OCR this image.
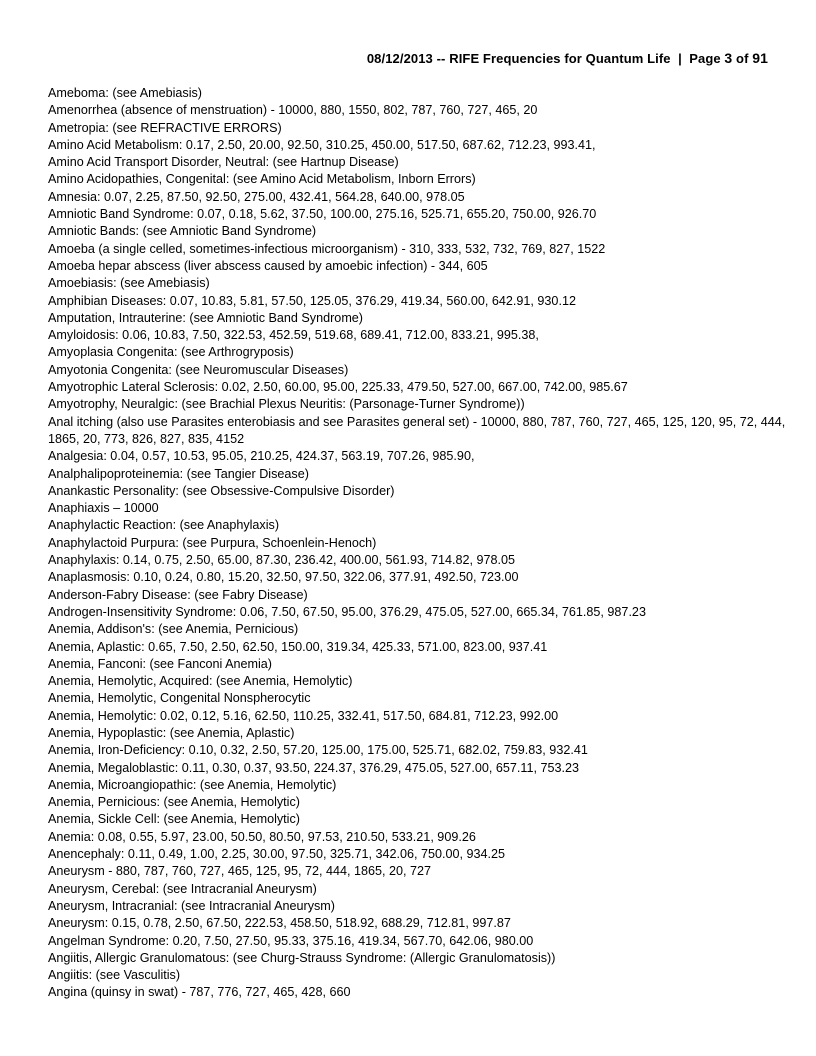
08/12/2013 -- RIFE Frequencies for Quantum Life  |  Page 3 of 91
Ameboma: (see Amebiasis)
Amenorrhea (absence of menstruation) - 10000, 880, 1550, 802, 787, 760, 727, 465, 20
Ametropia: (see REFRACTIVE ERRORS)
Amino Acid Metabolism: 0.17, 2.50, 20.00, 92.50, 310.25, 450.00, 517.50, 687.62, 712.23, 993.41,
Amino Acid Transport Disorder, Neutral: (see Hartnup Disease)
Amino Acidopathies, Congenital: (see Amino Acid Metabolism, Inborn Errors)
Amnesia: 0.07, 2.25, 87.50, 92.50, 275.00, 432.41, 564.28, 640.00, 978.05
Amniotic Band Syndrome: 0.07, 0.18, 5.62, 37.50, 100.00, 275.16, 525.71, 655.20, 750.00, 926.70
Amniotic Bands: (see Amniotic Band Syndrome)
Amoeba (a single celled, sometimes-infectious microorganism) - 310, 333, 532, 732, 769, 827, 1522
Amoeba hepar abscess (liver abscess caused by amoebic infection) - 344, 605
Amoebiasis: (see Amebiasis)
Amphibian Diseases: 0.07, 10.83, 5.81, 57.50, 125.05, 376.29, 419.34, 560.00, 642.91, 930.12
Amputation, Intrauterine: (see Amniotic Band Syndrome)
Amyloidosis: 0.06, 10.83, 7.50, 322.53, 452.59, 519.68, 689.41, 712.00, 833.21, 995.38,
Amyoplasia Congenita: (see Arthrogryposis)
Amyotonia Congenita: (see Neuromuscular Diseases)
Amyotrophic Lateral Sclerosis: 0.02, 2.50, 60.00, 95.00, 225.33, 479.50, 527.00, 667.00, 742.00, 985.67
Amyotrophy, Neuralgic: (see Brachial Plexus Neuritis: (Parsonage-Turner Syndrome))
Anal itching (also use Parasites enterobiasis and see Parasites general set) - 10000, 880, 787, 760, 727, 465, 125, 120, 95, 72, 444, 1865, 20, 773, 826, 827, 835, 4152
Analgesia: 0.04, 0.57, 10.53, 95.05, 210.25, 424.37, 563.19, 707.26, 985.90,
Analphalipoproteinemia: (see Tangier Disease)
Anankastic Personality: (see Obsessive-Compulsive Disorder)
Anaphiaxis – 10000
Anaphylactic Reaction: (see Anaphylaxis)
Anaphylactoid Purpura: (see Purpura, Schoenlein-Henoch)
Anaphylaxis: 0.14, 0.75, 2.50, 65.00, 87.30, 236.42, 400.00, 561.93, 714.82, 978.05
Anaplasmosis: 0.10, 0.24, 0.80, 15.20, 32.50, 97.50, 322.06, 377.91, 492.50, 723.00
Anderson-Fabry Disease: (see Fabry Disease)
Androgen-Insensitivity Syndrome: 0.06, 7.50, 67.50, 95.00, 376.29, 475.05, 527.00, 665.34, 761.85, 987.23
Anemia, Addison's: (see Anemia, Pernicious)
Anemia, Aplastic: 0.65, 7.50, 2.50, 62.50, 150.00, 319.34, 425.33, 571.00, 823.00, 937.41
Anemia, Fanconi: (see Fanconi Anemia)
Anemia, Hemolytic, Acquired: (see Anemia, Hemolytic)
Anemia, Hemolytic, Congenital Nonspherocytic
Anemia, Hemolytic: 0.02, 0.12, 5.16, 62.50, 110.25, 332.41, 517.50, 684.81, 712.23, 992.00
Anemia, Hypoplastic: (see Anemia, Aplastic)
Anemia, Iron-Deficiency: 0.10, 0.32, 2.50, 57.20, 125.00, 175.00, 525.71, 682.02, 759.83, 932.41
Anemia, Megaloblastic: 0.11, 0.30, 0.37, 93.50, 224.37, 376.29, 475.05, 527.00, 657.11, 753.23
Anemia, Microangiopathic: (see Anemia, Hemolytic)
Anemia, Pernicious: (see Anemia, Hemolytic)
Anemia, Sickle Cell: (see Anemia, Hemolytic)
Anemia: 0.08, 0.55, 5.97, 23.00, 50.50, 80.50, 97.53, 210.50, 533.21, 909.26
Anencephaly: 0.11, 0.49, 1.00, 2.25, 30.00, 97.50, 325.71, 342.06, 750.00, 934.25
Aneurysm - 880, 787, 760, 727, 465, 125, 95, 72, 444, 1865, 20, 727
Aneurysm, Cerebal: (see Intracranial Aneurysm)
Aneurysm, Intracranial: (see Intracranial Aneurysm)
Aneurysm: 0.15, 0.78, 2.50, 67.50, 222.53, 458.50, 518.92, 688.29, 712.81, 997.87
Angelman Syndrome: 0.20, 7.50, 27.50, 95.33, 375.16, 419.34, 567.70, 642.06, 980.00
Angiitis, Allergic Granulomatous: (see Churg-Strauss Syndrome: (Allergic Granulomatosis))
Angiitis: (see Vasculitis)
Angina (quinsy in swat) - 787, 776, 727, 465, 428, 660
